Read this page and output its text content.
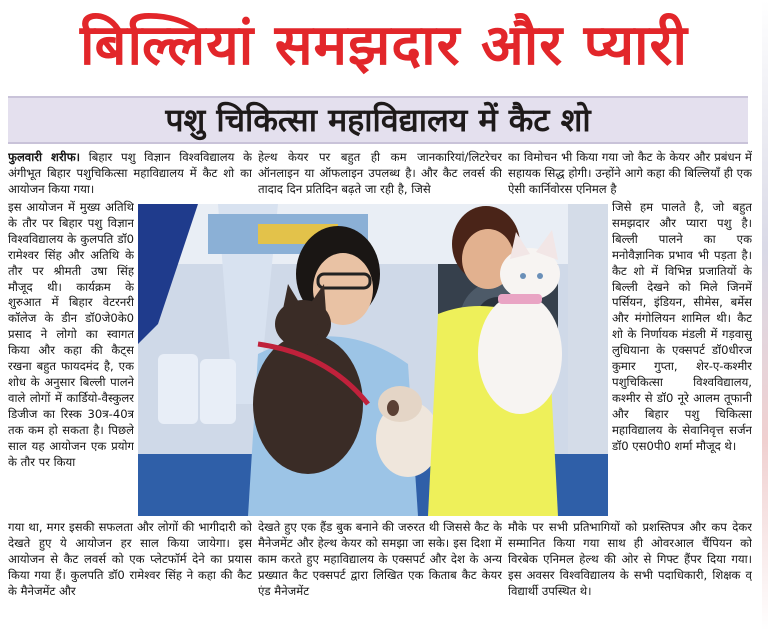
बिल्लियां समझदार और प्यारी
पशु चिकित्सा महाविद्यालय में कैट शो
फुलवारी शरीफ। बिहार पशु विज्ञान विश्वविद्यालय के अंगीभूत बिहार पशुचिकित्सा महाविद्यालय में कैट शो का आयोजन किया गया।
हेल्थ केयर पर बहुत ही कम जानकारियां/लिटरेचर ऑनलाइन या ऑफलाइन उपलब्ध है। और कैट लवर्स की तादाद दिन प्रतिदिन बढ़ते जा रही है, जिसे
का विमोचन भी किया गया जो कैट के केयर और प्रबंधन में सहायक सिद्ध होगी। उन्होंने आगे कहा की बिल्लियाँ ही एक ऐसी कार्निवोरस एनिमल है
इस आयोजन में मुख्य अतिथि के तौर पर बिहार पशु विज्ञान विश्वविद्यालय के कुलपति डॉ0 रामेश्वर सिंह और अतिथि के तौर पर श्रीमती उषा सिंह मौजूद थी। कार्यक्रम के शुरुआत में बिहार वेटरनरी कॉलेज के डीन डॉ0जे0के0 प्रसाद ने लोगो का स्वागत किया और कहा की कैट्स रखना बहुत फायदमंद है, एक शोध के अनुसार बिल्ली पालने वाले लोगों में कार्डियो-वैस्कुलर डिजीज का रिस्क 30त्र-40त्र तक कम हो सकता है। पिछले साल यह आयोजन एक प्रयोग के तौर पर किया
जिसे हम पालते है, जो बहुत समझदार और प्यारा पशु है। बिल्ली पालने का एक मनोवैज्ञानिक प्रभाव भी पड़ता है।कैट शो में विभिन्न प्रजातियों के बिल्ली देखने को मिले जिनमें पर्सियन, इंडियन, सीमेस, बर्मेस और मंगोलियन शामिल थी। कैट शो के निर्णायक मंडली में गड़वासु लुधियाना के एक्सपर्ट डॉ0धीरज कुमार गुप्ता, शेर-ए-कश्मीर पशुचिकित्सा विश्वविद्यालय, कश्मीर से डॉ0 नूरे आलम तूफानी और बिहार पशु चिकित्सा महाविद्यालय के सेवानिवृत्त सर्जन डॉ0 एस0पी0 शर्मा मौजूद थे।
गया था, मगर इसकी सफलता और लोगों की भागीदारी को देखते हुए ये आयोजन हर साल किया जायेगा। इस आयोजन से कैट लवर्स को एक प्लेटफॉर्म देने का प्रयास किया गया हैं। कुलपति डॉ0 रामेश्वर सिंह ने कहा की कैट के मैनेजमेंट और
देखते हुए एक हैंड बुक बनाने की जरुरत थी जिससे कैट के मैनेजमेंट और हेल्थ केयर को समझा जा सके। इस दिशा में काम करते हुए महाविद्यालय के एक्सपर्ट और देश के अन्य प्रख्यात कैट एक्सपर्ट द्वारा लिखित एक किताब कैट केयर एंड मैनेजमेंट
मौके पर सभी प्रतिभागियों को प्रशस्तिपत्र और कप देकर सम्मानित किया गया साथ ही ओवरआल चैंपियन को विरबेक एनिमल हेल्थ की ओर से गिफ्ट हैंपर दिया गया। इस अवसर विश्वविद्यालय के सभी पदाधिकारी, शिक्षक व् विद्यार्थी उपस्थित थे।
